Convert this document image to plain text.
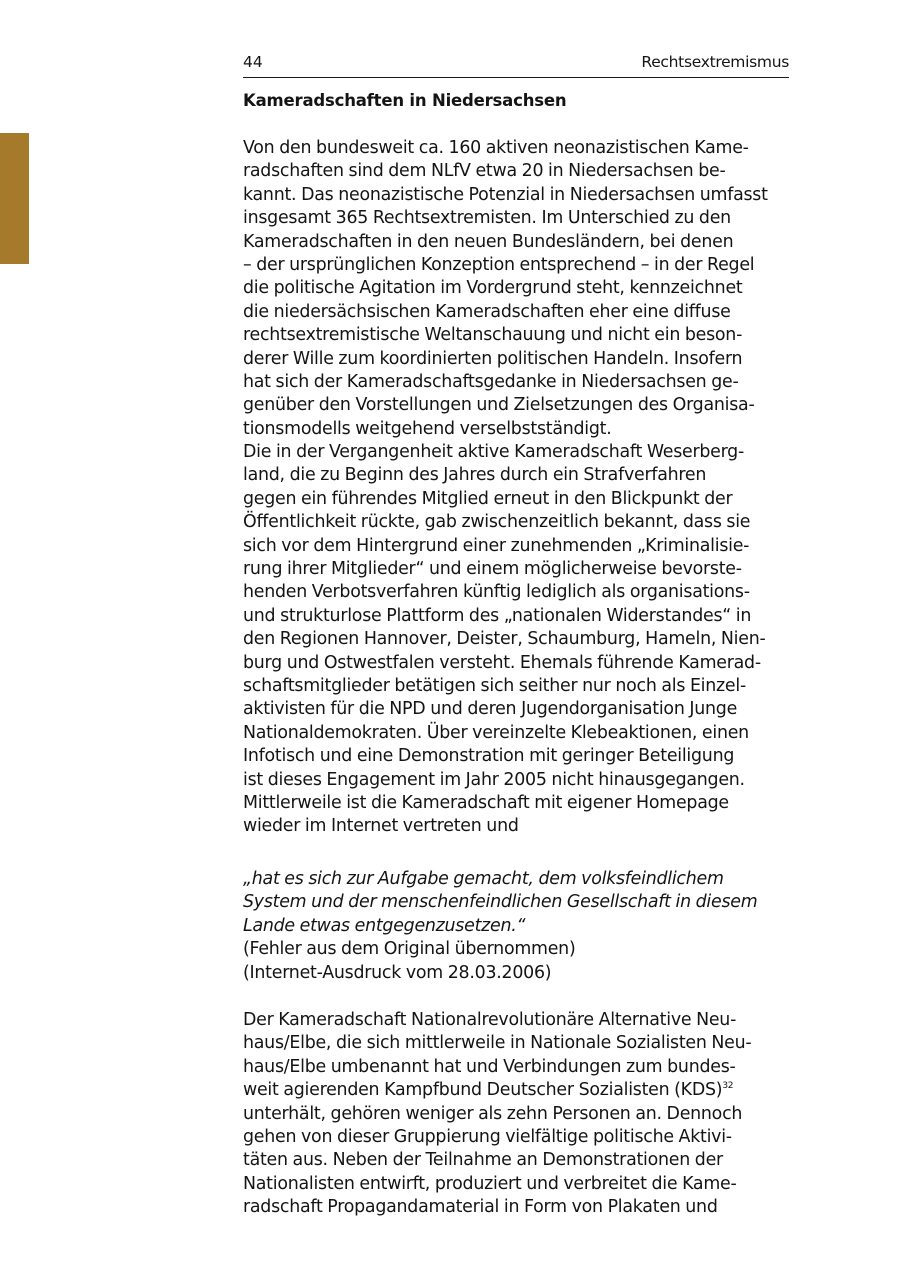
44	Rechtsextremismus
Kameradschaften in Niedersachsen
Von den bundesweit ca. 160 aktiven neonazistischen Kame-
radschaften sind dem NLfV etwa 20 in Niedersachsen be-
kannt. Das neonazistische Potenzial in Niedersachsen umfasst
insgesamt 365 Rechtsextremisten. Im Unterschied zu den
Kameradschaften in den neuen Bundesländern, bei denen
– der ursprünglichen Konzeption entsprechend – in der Regel
die politische Agitation im Vordergrund steht, kennzeichnet
die niedersächsischen Kameradschaften eher eine diffuse
rechtsextremistische Weltanschauung und nicht ein beson-
derer Wille zum koordinierten politischen Handeln. Insofern
hat sich der Kameradschaftsgedanke in Niedersachsen ge-
genüber den Vorstellungen und Zielsetzungen des Organisa-
tionsmodells weitgehend verselbstständigt.
Die in der Vergangenheit aktive Kameradschaft Weserberg-
land, die zu Beginn des Jahres durch ein Strafverfahren
gegen ein führendes Mitglied erneut in den Blickpunkt der
Öffentlichkeit rückte, gab zwischenzeitlich bekannt, dass sie
sich vor dem Hintergrund einer zunehmenden „Kriminalisie-
rung ihrer Mitglieder“ und einem möglicherweise bevorste-
henden Verbotsverfahren künftig lediglich als organisations-
und strukturlose Plattform des „nationalen Widerstandes“ in
den Regionen Hannover, Deister, Schaumburg, Hameln, Nien-
burg und Ostwestfalen versteht. Ehemals führende Kamerad-
schaftsmitglieder betätigen sich seither nur noch als Einzel-
aktivisten für die NPD und deren Jugendorganisation Junge
Nationaldemokraten. Über vereinzelte Klebeaktionen, einen
Infotisch und eine Demonstration mit geringer Beteiligung
ist dieses Engagement im Jahr 2005 nicht hinausgegangen.
Mittlerweile ist die Kameradschaft mit eigener Homepage
wieder im Internet vertreten und
„hat es sich zur Aufgabe gemacht, dem volksfeindlichem
System und der menschenfeindlichen Gesellschaft in diesem
Lande etwas entgegenzusetzen.“
(Fehler aus dem Original übernommen)
(Internet-Ausdruck vom 28.03.2006)
Der Kameradschaft Nationalrevolutionäre Alternative Neu-
haus/Elbe, die sich mittlerweile in Nationale Sozialisten Neu-
haus/Elbe umbenannt hat und Verbindungen zum bundes-
weit agierenden Kampfbund Deutscher Sozialisten (KDS)$^{32}$
unterhält, gehören weniger als zehn Personen an. Dennoch
gehen von dieser Gruppierung vielfältige politische Aktivi-
täten aus. Neben der Teilnahme an Demonstrationen der
Nationalisten entwirft, produziert und verbreitet die Kame-
radschaft Propagandamaterial in Form von Plakaten und
